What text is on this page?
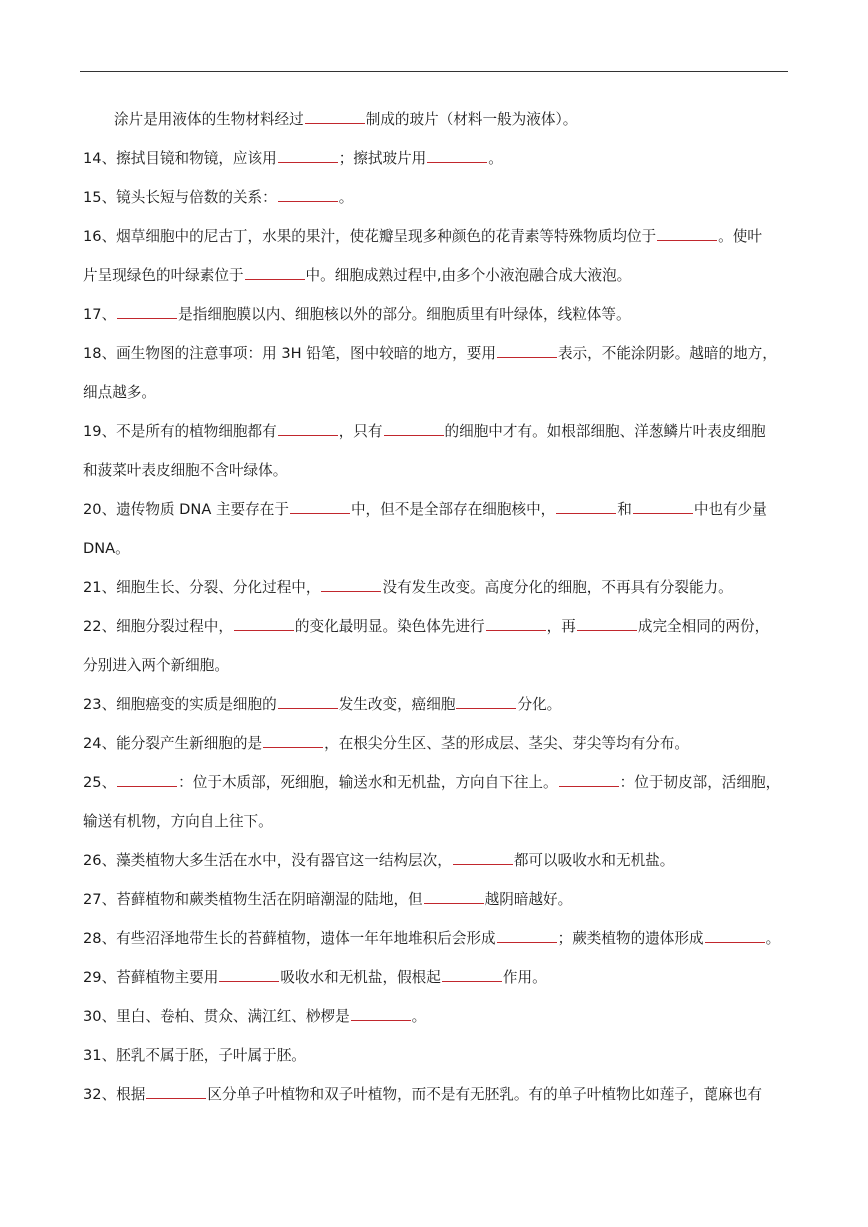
涂片是用液体的生物材料经过	制成的玻片（材料一般为液体）。
14、擦拭目镜和物镜，应该用	；擦拭玻片用	。
15、镜头长短与倍数的关系：	。
16、烟草细胞中的尼古丁，水果的果汁，使花瓣呈现多种颜色的花青素等特殊物质均位于	。使叶
片呈现绿色的叶绿素位于	中。细胞成熟过程中,由多个小液泡融合成大液泡。
17、	是指细胞膜以内、细胞核以外的部分。细胞质里有叶绿体，线粒体等。
18、画生物图的注意事项：用 3H 铅笔，图中较暗的地方，要用	表示，不能涂阴影。越暗的地方，
细点越多。
19、不是所有的植物细胞都有	，只有	的细胞中才有。如根部细胞、洋葱鳞片叶表皮细胞
和菠菜叶表皮细胞不含叶绿体。
20、遗传物质 DNA 主要存在于	中，但不是全部存在细胞核中，	和	中也有少量
DNA。
21、细胞生长、分裂、分化过程中，	没有发生改变。高度分化的细胞，不再具有分裂能力。
22、细胞分裂过程中，	的变化最明显。染色体先进行	，再	成完全相同的两份，
分别进入两个新细胞。
23、细胞癌变的实质是细胞的	发生改变，癌细胞	分化。
24、能分裂产生新细胞的是	，在根尖分生区、茎的形成层、茎尖、芽尖等均有分布。
25、	：位于木质部，死细胞，输送水和无机盐，方向自下往上。	：位于韧皮部，活细胞，
输送有机物，方向自上往下。
26、藻类植物大多生活在水中，没有器官这一结构层次，	都可以吸收水和无机盐。
27、苔藓植物和蕨类植物生活在阴暗潮湿的陆地，但	越阴暗越好。
28、有些沼泽地带生长的苔藓植物，遗体一年年地堆积后会形成	；蕨类植物的遗体形成	。
29、苔藓植物主要用	吸收水和无机盐，假根起	作用。
30、里白、卷柏、贯众、满江红、桫椤是	。
31、胚乳不属于胚，子叶属于胚。
32、根据	区分单子叶植物和双子叶植物，而不是有无胚乳。有的单子叶植物比如莲子，蓖麻也有
